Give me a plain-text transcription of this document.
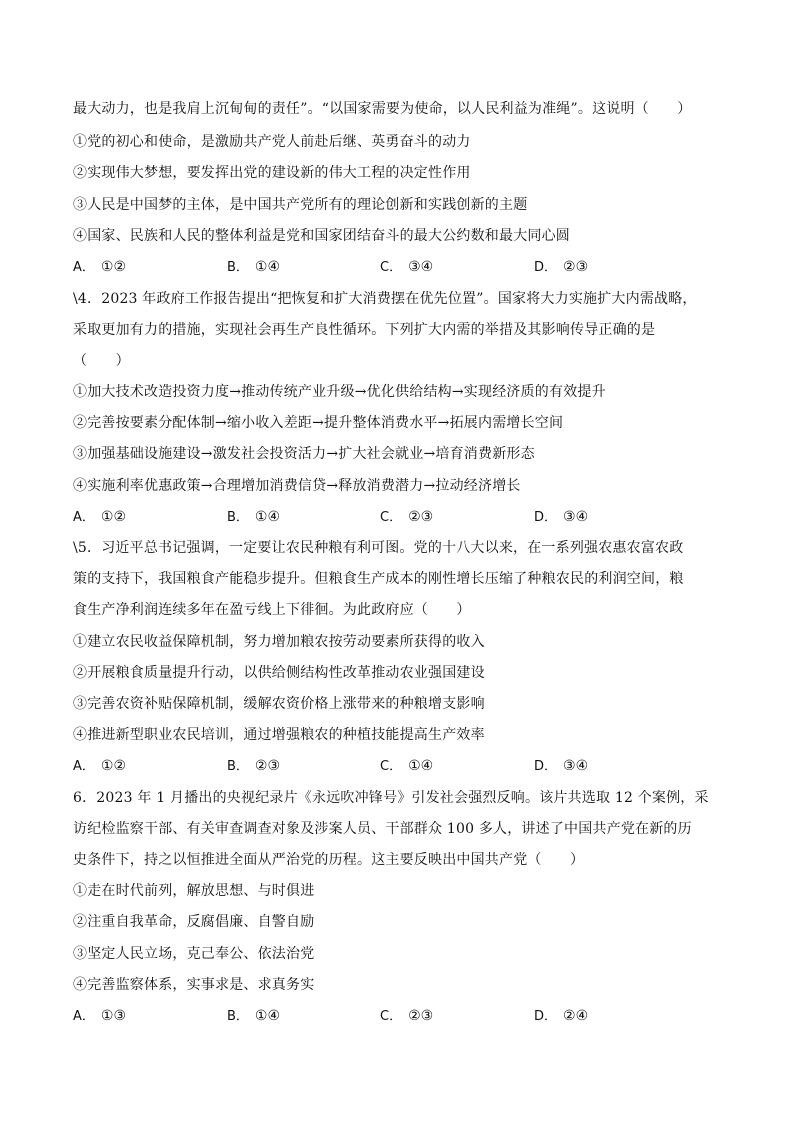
最大动力，也是我肩上沉甸甸的责任”。“以国家需要为使命，以人民利益为准绳”。这说明（　　）
①党的初心和使命，是激励共产党人前赴后继、英勇奋斗的动力
②实现伟大梦想，要发挥出党的建设新的伟大工程的决定性作用
③人民是中国梦的主体，是中国共产党所有的理论创新和实践创新的主题
④国家、民族和人民的整体利益是党和国家团结奋斗的最大公约数和最大同心圆
A． ①②	B． ①④	C． ③④	D． ②③
\4．2023 年政府工作报告提出“把恢复和扩大消费摆在优先位置”。国家将大力实施扩大内需战略，
采取更加有力的措施，实现社会再生产良性循环。下列扩大内需的举措及其影响传导正确的是
（　　）
①加大技术改造投资力度→推动传统产业升级→优化供给结构→实现经济质的有效提升
②完善按要素分配体制→缩小收入差距→提升整体消费水平→拓展内需增长空间
③加强基础设施建设→激发社会投资活力→扩大社会就业→培育消费新形态
④实施利率优惠政策→合理增加消费信贷→释放消费潜力→拉动经济增长
A． ①②	B． ①④	C． ②③	D． ③④
\5．习近平总书记强调，一定要让农民种粮有利可图。党的十八大以来，在一系列强农惠农富农政
策的支持下，我国粮食产能稳步提升。但粮食生产成本的刚性增长压缩了种粮农民的利润空间，粮
食生产净利润连续多年在盈亏线上下徘徊。为此政府应（　　）
①建立农民收益保障机制，努力增加粮农按劳动要素所获得的收入
②开展粮食质量提升行动，以供给侧结构性改革推动农业强国建设
③完善农资补贴保障机制，缓解农资价格上涨带来的种粮增支影响
④推进新型职业农民培训，通过增强粮农的种植技能提高生产效率
A． ①②	B． ②③	C． ①④	D． ③④
6．2023 年 1 月播出的央视纪录片《永远吹冲锋号》引发社会强烈反响。该片共选取 12 个案例，采
访纪检监察干部、有关审查调查对象及涉案人员、干部群众 100 多人，讲述了中国共产党在新的历
史条件下，持之以恒推进全面从严治党的历程。这主要反映出中国共产党（　　）
①走在时代前列，解放思想、与时俱进
②注重自我革命，反腐倡廉、自警自励
③坚定人民立场，克己奉公、依法治党
④完善监察体系，实事求是、求真务实
A． ①③	B． ①④	C． ②③	D． ②④
